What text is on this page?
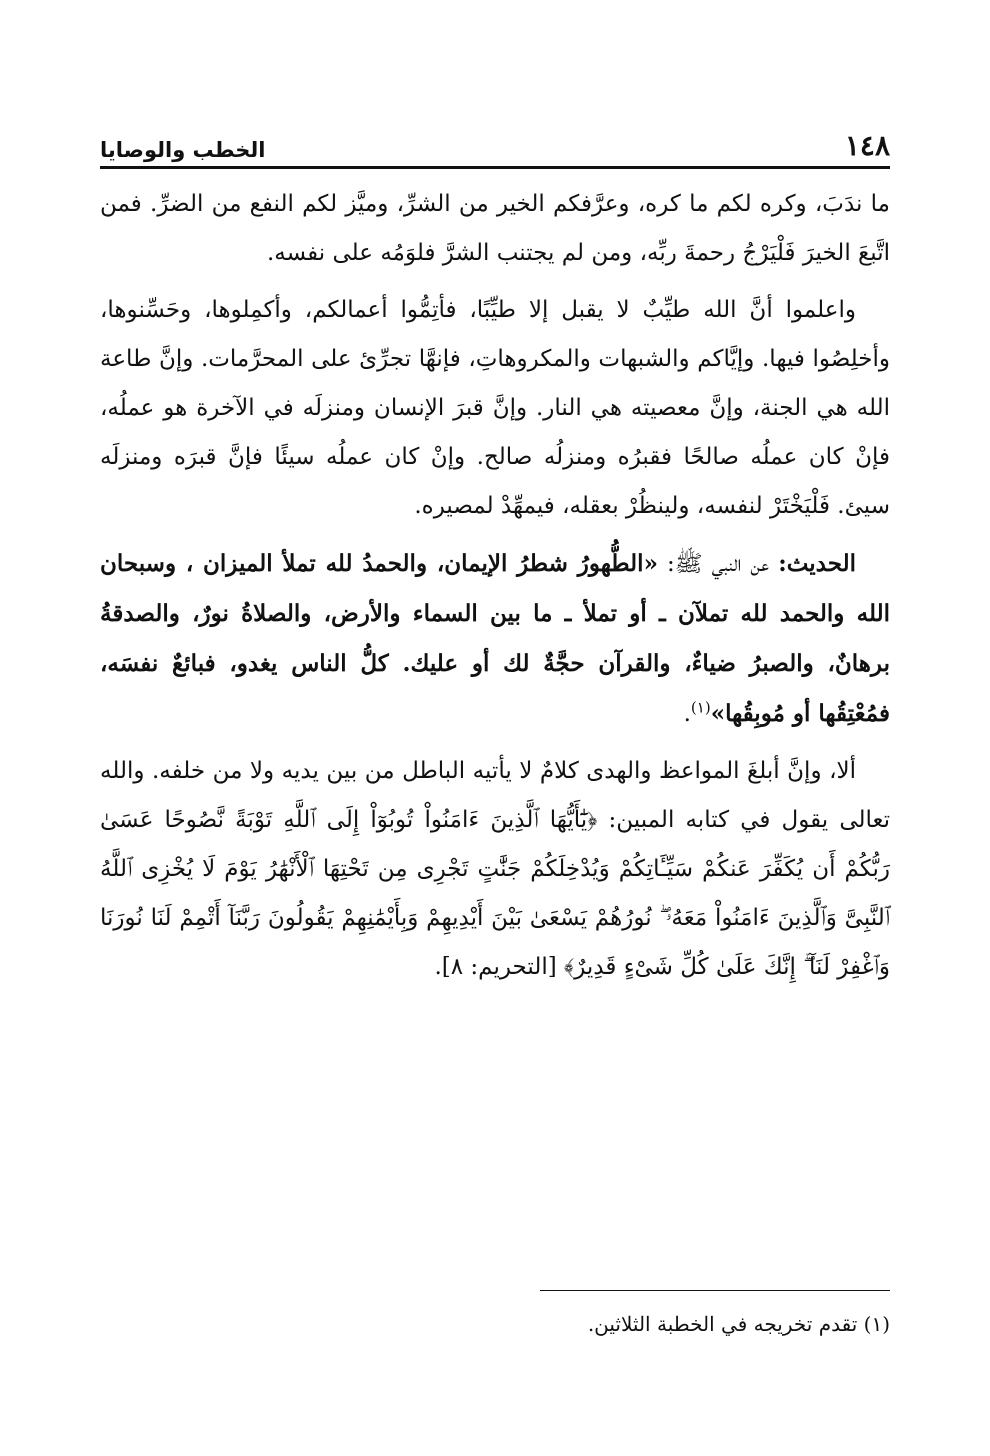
١٤٨
الخطب والوصايا

ما ندَبَ، وكره لكم ما كره، وعرَّفكم الخير من الشرِّ، وميَّز لكم النفع من الضرِّ. فمن اتَّبعَ الخيرَ فَلْيَرْجُ رحمةَ ربِّه، ومن لم يجتنب الشرَّ فلوَمُه على نفسه.

واعلموا أنَّ الله طيِّبٌ لا يقبل إلا طيِّبًا، فأتِمُّوا أعمالكم، وأكمِلوها، وحَسِّنوها، وأخلِصُوا فيها. وإيَّاكم والشبهات والمكروهاتِ، فإنهَّا تجرِّئ على المحرَّمات. وإنَّ طاعة الله هي الجنة، وإنَّ معصيته هي النار. وإنَّ قبرَ الإنسان ومنزلَه في الآخرة هو عملُه، فإنْ كان عملُه صالحًا فقبرُه ومنزلُه صالح. وإنْ كان عملُه سيئًا فإنَّ قبرَه ومنزلَه سيئ. فَلْيَخْتَرْ لنفسه، ولينظُرْ بعقله، فيمهِّدْ لمصيره.

الحديث: عن النبي ﷺ: «الطُّهورُ شطرُ الإيمان، والحمدُ لله تملأ الميزان ، وسبحان الله والحمد لله تملآن ـ أو تملأ ـ ما بين السماء والأرض، والصلاةُ نورٌ، والصدقةُ برهانٌ، والصبرُ ضياءٌ، والقرآن حجَّةٌ لك أو عليك. كلُّ الناس يغدو، فبائعٌ نفسَه، فمُعْتِقُها أو مُوبِقُها»$^{(١)}$.

ألا، وإنَّ أبلغَ المواعظ والهدى كلامٌ لا يأتيه الباطل من بين يديه ولا من خلفه. والله تعالى يقول في كتابه المبين: ﴿يَٰٓأَيُّهَا ٱلَّذِينَ ءَامَنُواْ تُوبُوٓاْ إِلَى ٱللَّهِ تَوْبَةً نَّصُوحًا عَسَىٰ رَبُّكُمْ أَن يُكَفِّرَ عَنكُمْ سَيِّـَٔاتِكُمْ وَيُدْخِلَكُمْ جَنَّٰتٍ تَجْرِى مِن تَحْتِهَا ٱلْأَنْهَٰرُ يَوْمَ لَا يُخْزِى ٱللَّهُ ٱلنَّبِىَّ وَٱلَّذِينَ ءَامَنُواْ مَعَهُۥ ۖ نُورُهُمْ يَسْعَىٰ بَيْنَ أَيْدِيهِمْ وَبِأَيْمَٰنِهِمْ يَقُولُونَ رَبَّنَآ أَتْمِمْ لَنَا نُورَنَا وَٱغْفِرْ لَنَآ ۖ إِنَّكَ عَلَىٰ كُلِّ شَىْءٍ قَدِيرٌ﴾ [التحريم: ٨].

(١) تقدم تخريجه في الخطبة الثلاثين.
